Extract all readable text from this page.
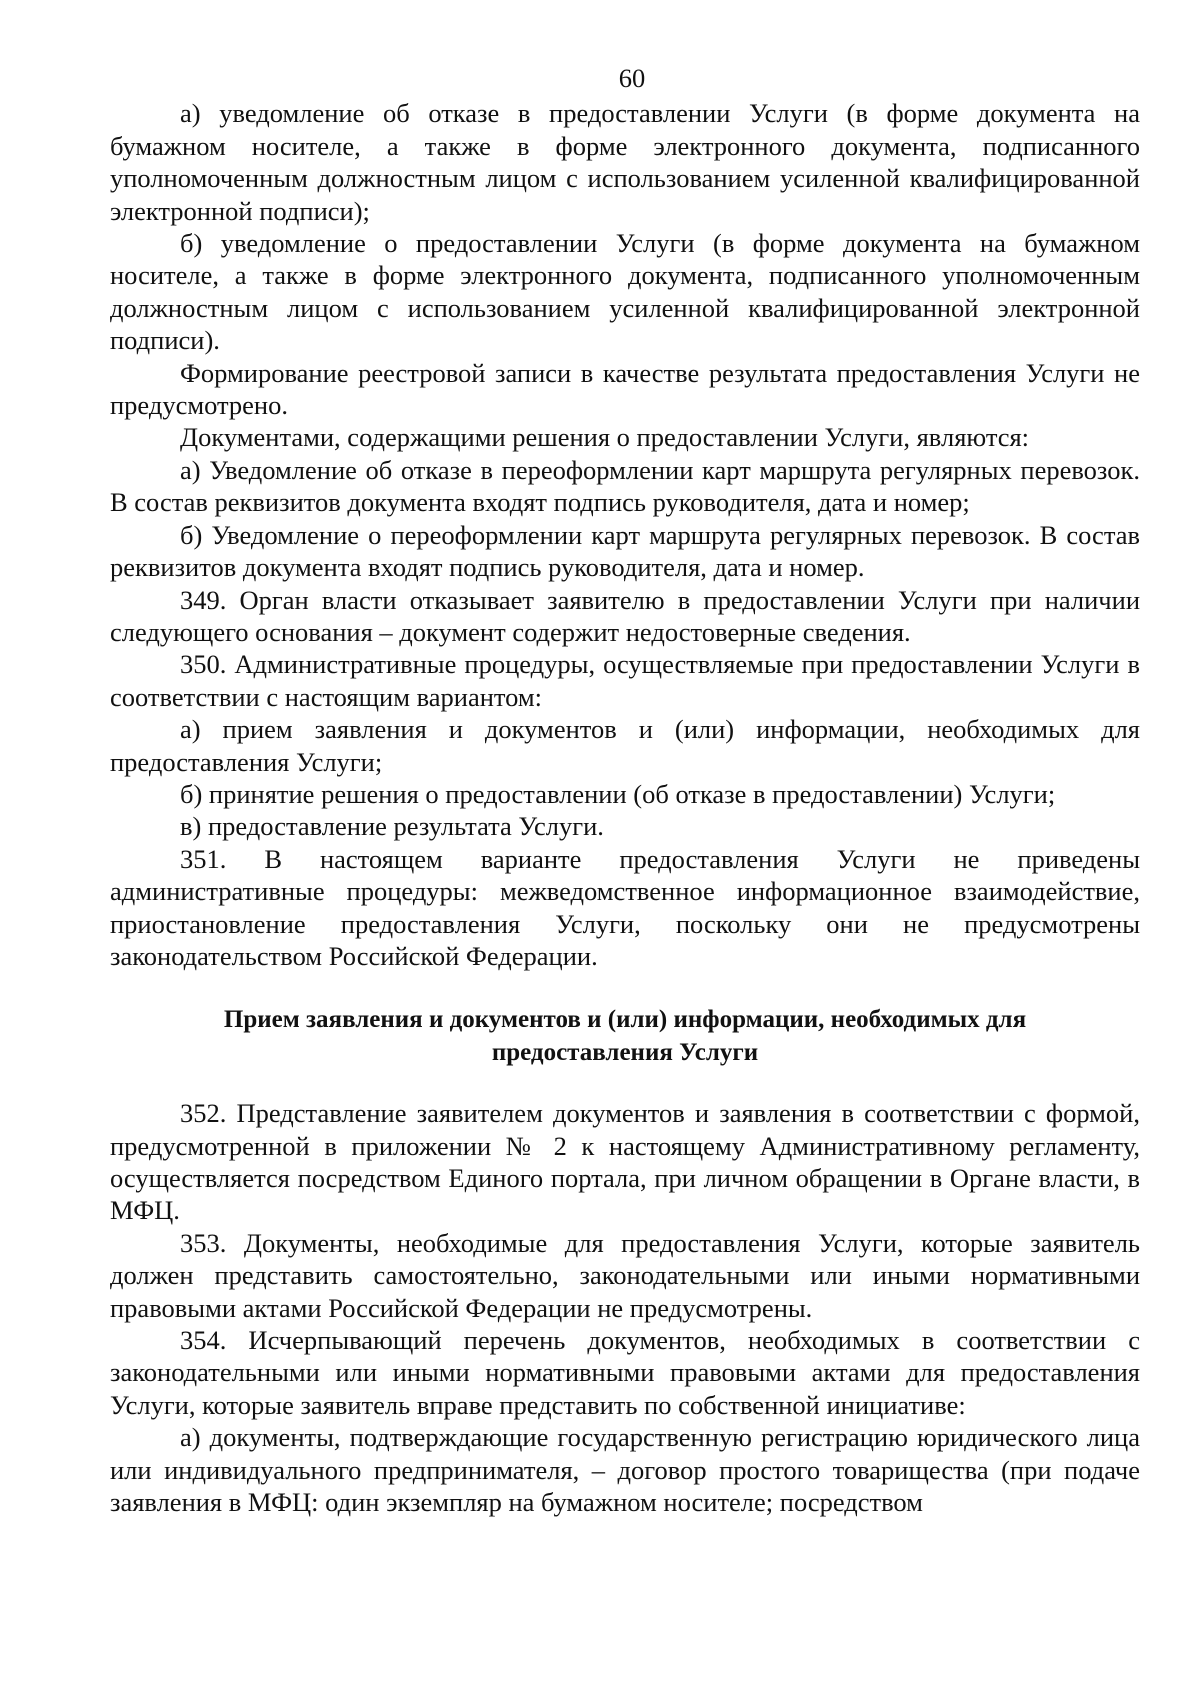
60

а) уведомление об отказе в предоставлении Услуги (в форме документа на бумажном носителе, а также в форме электронного документа, подписанного уполномоченным должностным лицом с использованием усиленной квалифицированной электронной подписи);

б) уведомление о предоставлении Услуги (в форме документа на бумажном носителе, а также в форме электронного документа, подписанного уполномоченным должностным лицом с использованием усиленной квалифицированной электронной подписи).

Формирование реестровой записи в качестве результата предоставления Услуги не предусмотрено.

Документами, содержащими решения о предоставлении Услуги, являются:

а) Уведомление об отказе в переоформлении карт маршрута регулярных перевозок. В состав реквизитов документа входят подпись руководителя, дата и номер;

б) Уведомление о переоформлении карт маршрута регулярных перевозок. В состав реквизитов документа входят подпись руководителя, дата и номер.

349. Орган власти отказывает заявителю в предоставлении Услуги при наличии следующего основания – документ содержит недостоверные сведения.

350. Административные процедуры, осуществляемые при предоставлении Услуги в соответствии с настоящим вариантом:

а) прием заявления и документов и (или) информации, необходимых для предоставления Услуги;

б) принятие решения о предоставлении (об отказе в предоставлении) Услуги;

в) предоставление результата Услуги.

351. В настоящем варианте предоставления Услуги не приведены административные процедуры: межведомственное информационное взаимодействие, приостановление предоставления Услуги, поскольку они не предусмотрены законодательством Российской Федерации.

Прием заявления и документов и (или) информации, необходимых для
предоставления Услуги

352. Представление заявителем документов и заявления в соответствии с формой, предусмотренной в приложении № 2 к настоящему Административному регламенту, осуществляется посредством Единого портала, при личном обращении в Органе власти, в МФЦ.

353. Документы, необходимые для предоставления Услуги, которые заявитель должен представить самостоятельно, законодательными или иными нормативными правовыми актами Российской Федерации не предусмотрены.

354. Исчерпывающий перечень документов, необходимых в соответствии с законодательными или иными нормативными правовыми актами для предоставления Услуги, которые заявитель вправе представить по собственной инициативе:

а) документы, подтверждающие государственную регистрацию юридического лица или индивидуального предпринимателя, – договор простого товарищества (при подаче заявления в МФЦ: один экземпляр на бумажном носителе; посредством
